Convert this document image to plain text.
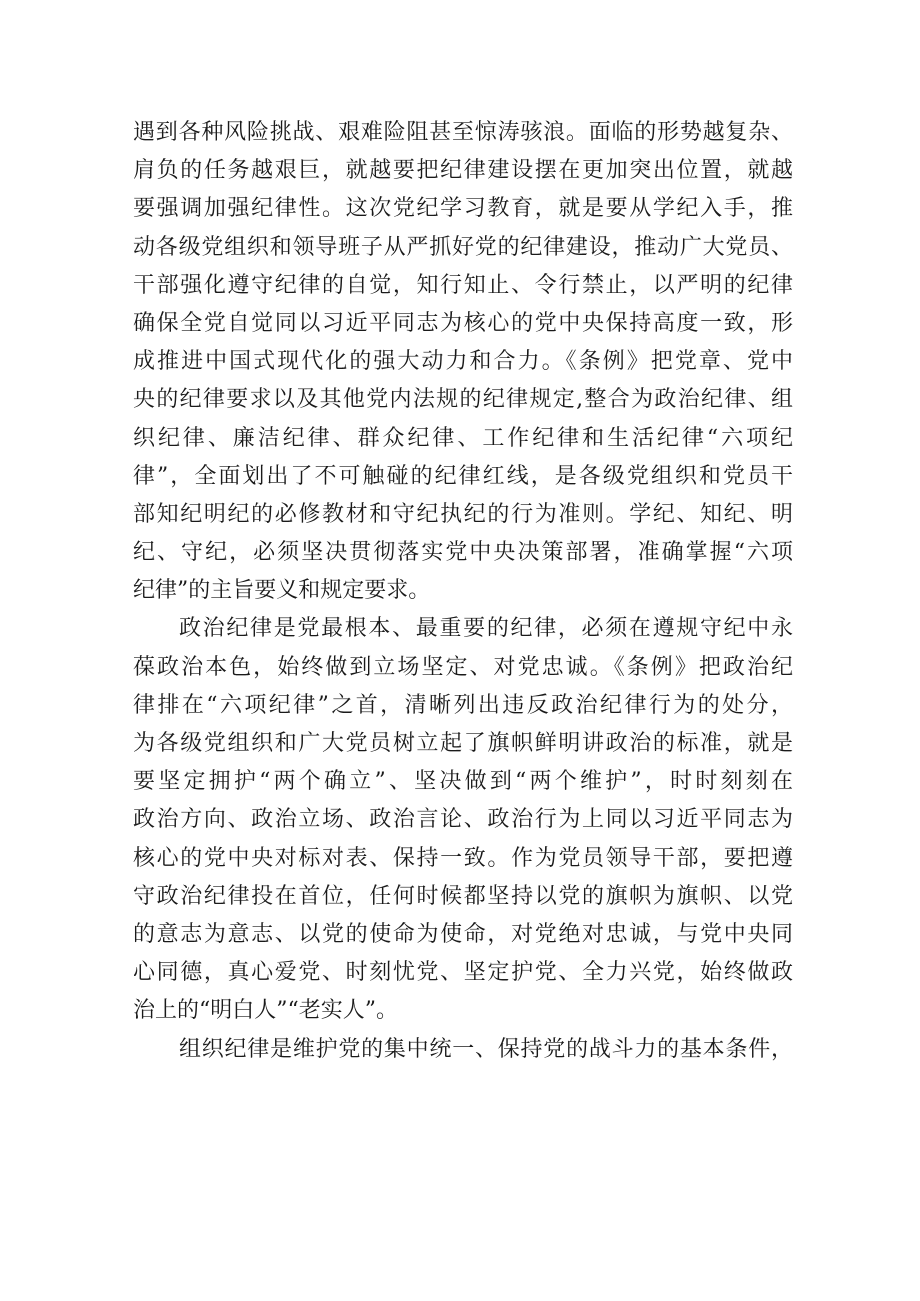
遇到各种风险挑战、艰难险阻甚至惊涛骇浪。面临的形势越复杂、
肩负的任务越艰巨，就越要把纪律建设摆在更加突出位置，就越
要强调加强纪律性。这次党纪学习教育，就是要从学纪入手，推
动各级党组织和领导班子从严抓好党的纪律建设，推动广大党员、
干部强化遵守纪律的自觉，知行知止、令行禁止，以严明的纪律
确保全党自觉同以习近平同志为核心的党中央保持高度一致，形
成推进中国式现代化的强大动力和合力。《条例》把党章、党中
央的纪律要求以及其他党内法规的纪律规定,整合为政治纪律、组
织纪律、廉洁纪律、群众纪律、工作纪律和生活纪律“六项纪
律”，全面划出了不可触碰的纪律红线，是各级党组织和党员干
部知纪明纪的必修教材和守纪执纪的行为准则。学纪、知纪、明
纪、守纪，必须坚决贯彻落实党中央决策部署，准确掌握“六项
纪律”的主旨要义和规定要求。
政治纪律是党最根本、最重要的纪律，必须在遵规守纪中永
葆政治本色，始终做到立场坚定、对党忠诚。《条例》把政治纪
律排在“六项纪律”之首，清晰列出违反政治纪律行为的处分，
为各级党组织和广大党员树立起了旗帜鲜明讲政治的标准，就是
要坚定拥护“两个确立”、坚决做到“两个维护”，时时刻刻在
政治方向、政治立场、政治言论、政治行为上同以习近平同志为
核心的党中央对标对表、保持一致。作为党员领导干部，要把遵
守政治纪律投在首位，任何时候都坚持以党的旗帜为旗帜、以党
的意志为意志、以党的使命为使命，对党绝对忠诚，与党中央同
心同德，真心爱党、时刻忧党、坚定护党、全力兴党，始终做政
治上的“明白人”“老实人”。
组织纪律是维护党的集中统一、保持党的战斗力的基本条件，
